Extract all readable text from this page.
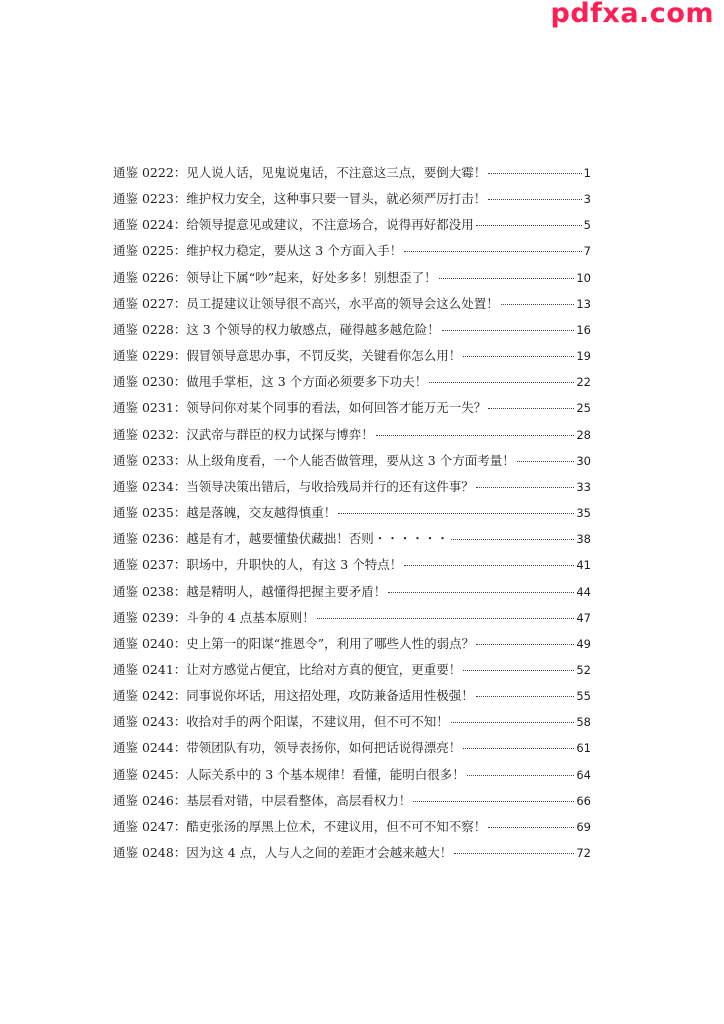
pdfxa.com
通鉴 0222： 见人说人话，见鬼说鬼话，不注意这三点，要倒大霉！	1
通鉴 0223： 维护权力安全，这种事只要一冒头，就必须严厉打击！	3
通鉴 0224： 给领导提意见或建议，不注意场合，说得再好都没用	5
通鉴 0225： 维护权力稳定，要从这 3 个方面入手！	7
通鉴 0226： 领导让下属“吵”起来，好处多多！别想歪了！	10
通鉴 0227： 员工提建议让领导很不高兴，水平高的领导会这么处置！	13
通鉴 0228： 这 3 个领导的权力敏感点，碰得越多越危险！	16
通鉴 0229： 假冒领导意思办事，不罚反奖，关键看你怎么用！	19
通鉴 0230： 做甩手掌柜，这 3 个方面必须要多下功夫！	22
通鉴 0231： 领导问你对某个同事的看法，如何回答才能万无一失？	25
通鉴 0232： 汉武帝与群臣的权力试探与博弈！	28
通鉴 0233： 从上级角度看，一个人能否做管理，要从这 3 个方面考量！	30
通鉴 0234： 当领导决策出错后，与收拾残局并行的还有这件事？	33
通鉴 0235： 越是落魄，交友越得慎重！	35
通鉴 0236： 越是有才，越要懂蛰伏藏拙！否则・・・・・・	38
通鉴 0237： 职场中，升职快的人，有这 3 个特点！	41
通鉴 0238： 越是精明人，越懂得把握主要矛盾！	44
通鉴 0239： 斗争的 4 点基本原则！	47
通鉴 0240： 史上第一的阳谋“推恩令”，利用了哪些人性的弱点？	49
通鉴 0241： 让对方感觉占便宜，比给对方真的便宜，更重要！	52
通鉴 0242： 同事说你坏话，用这招处理，攻防兼备适用性极强！	55
通鉴 0243： 收拾对手的两个阳谋，不建议用，但不可不知！	58
通鉴 0244： 带领团队有功，领导表扬你，如何把话说得漂亮！	61
通鉴 0245： 人际关系中的 3 个基本规律！看懂，能明白很多！	64
通鉴 0246： 基层看对错，中层看整体，高层看权力！	66
通鉴 0247： 酷吏张汤的厚黑上位术，不建议用，但不可不知不察！	69
通鉴 0248： 因为这 4 点，人与人之间的差距才会越来越大！	72
